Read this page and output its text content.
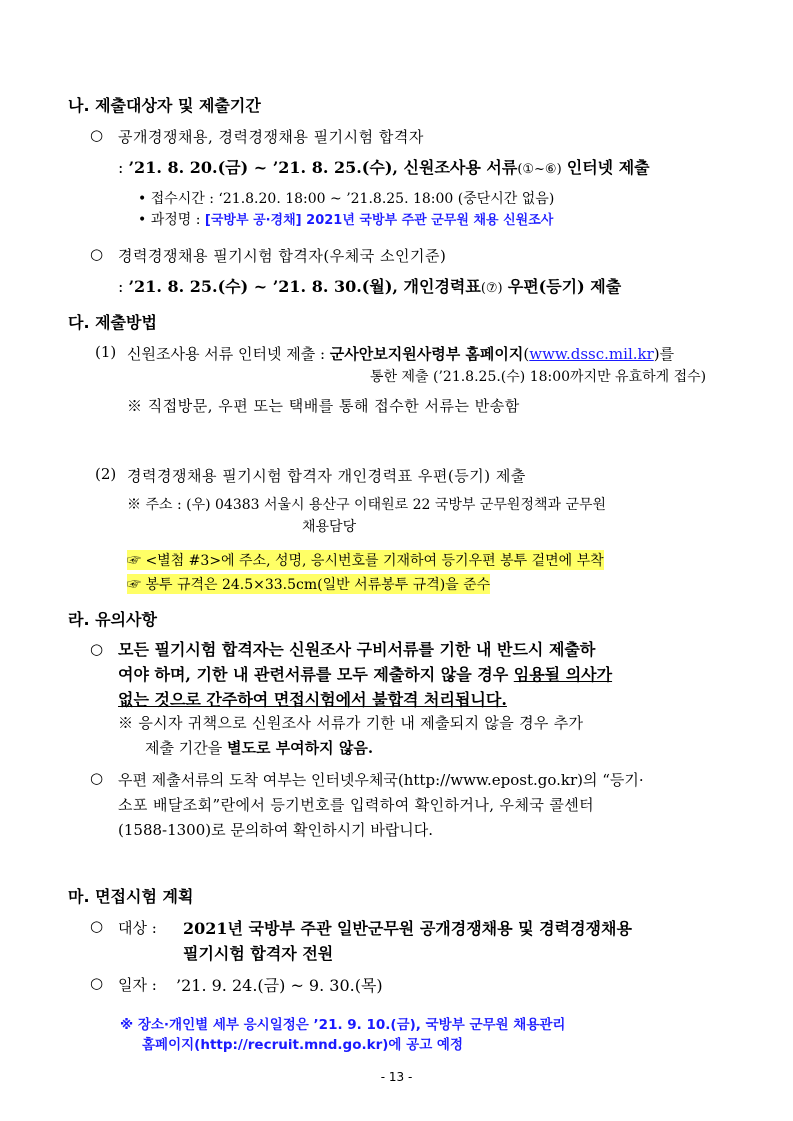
나. 제출대상자 및 제출기간
○ 공개경쟁채용, 경력경쟁채용 필기시험 합격자
: ’21. 8. 20.(금) ~ ’21. 8. 25.(수), 신원조사용 서류(①~⑥) 인터넷 제출
• 접수시간 : ‘21.8.20. 18:00 ~ ’21.8.25. 18:00 (중단시간 없음)
• 과정명 : [국방부 공·경채] 2021년 국방부 주관 군무원 채용 신원조사
○ 경력경쟁채용 필기시험 합격자(우체국 소인기준)
: ’21. 8. 25.(수) ~ ’21. 8. 30.(월), 개인경력표(⑦) 우편(등기) 제출
다. 제출방법
(1) 신원조사용 서류 인터넷 제출 : 군사안보지원사령부 홈페이지(www.dssc.mil.kr)를
통한 제출 (’21.8.25.(수) 18:00까지만 유효하게 접수)
※ 직접방문, 우편 또는 택배를 통해 접수한 서류는 반송함
(2) 경력경쟁채용 필기시험 합격자 개인경력표 우편(등기) 제출
※ 주소 : (우) 04383 서울시 용산구 이태원로 22 국방부 군무원정책과 군무원
채용담당
☞ <별첨 #3>에 주소, 성명, 응시번호를 기재하여 등기우편 봉투 겉면에 부착
☞ 봉투 규격은 24.5×33.5cm(일반 서류봉투 규격)을 준수
라. 유의사항
○ 모든 필기시험 합격자는 신원조사 구비서류를 기한 내 반드시 제출하
여야 하며, 기한 내 관련서류를 모두 제출하지 않을 경우 임용될 의사가
없는 것으로 간주하여 면접시험에서 불합격 처리됩니다.
※ 응시자 귀책으로 신원조사 서류가 기한 내 제출되지 않을 경우 추가
제출 기간을 별도로 부여하지 않음.
○ 우편 제출서류의 도착 여부는 인터넷우체국(http://www.epost.go.kr)의 “등기·
소포 배달조회”란에서 등기번호를 입력하여 확인하거나, 우체국 콜센터
(1588-1300)로 문의하여 확인하시기 바랍니다.
마. 면접시험 계획
○ 대상 : 2021년 국방부 주관 일반군무원 공개경쟁채용 및 경력경쟁채용
필기시험 합격자 전원
○ 일자 : ’21. 9. 24.(금) ~ 9. 30.(목)
※ 장소·개인별 세부 응시일정은 ’21. 9. 10.(금), 국방부 군무원 채용관리
홈페이지(http://recruit.mnd.go.kr)에 공고 예정
- 13 -
